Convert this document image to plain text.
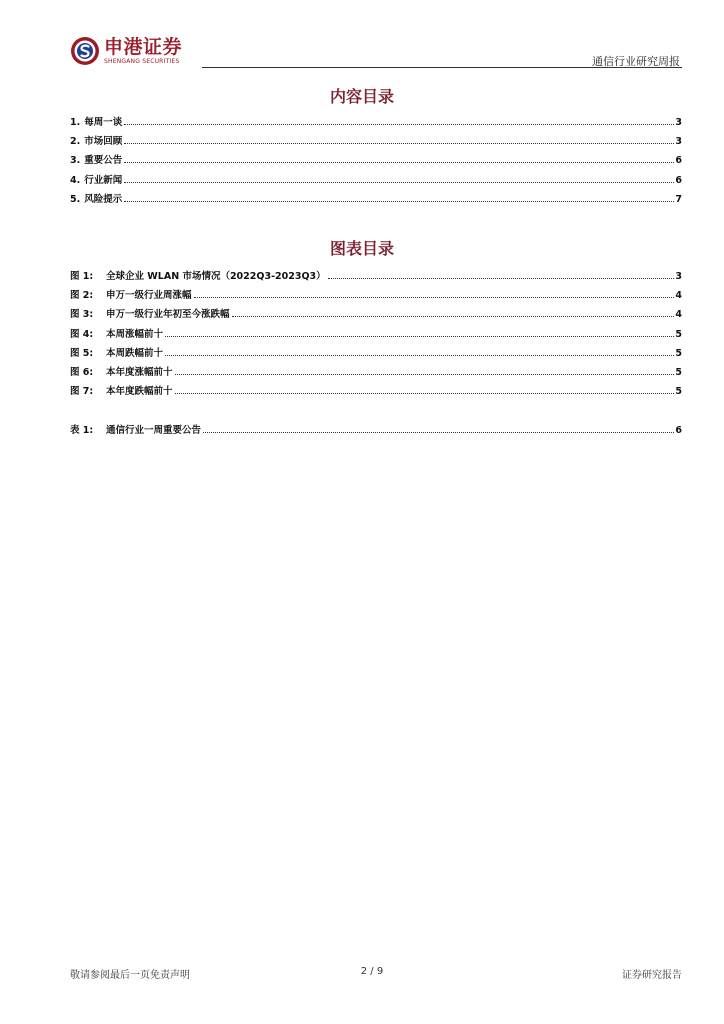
申港证券
SHENGANG SECURITIES	通信行业研究周报
内容目录
1. 每周一谈	3
2. 市场回顾	3
3. 重要公告	6
4. 行业新闻	6
5. 风险提示	7
图表目录
图 1: 全球企业 WLAN 市场情况（2022Q3-2023Q3）	3
图 2: 申万一级行业周涨幅	4
图 3: 申万一级行业年初至今涨跌幅	4
图 4: 本周涨幅前十	5
图 5: 本周跌幅前十	5
图 6: 本年度涨幅前十	5
图 7: 本年度跌幅前十	5
表 1: 通信行业一周重要公告	6
敬请参阅最后一页免责声明	2 / 9	证券研究报告
